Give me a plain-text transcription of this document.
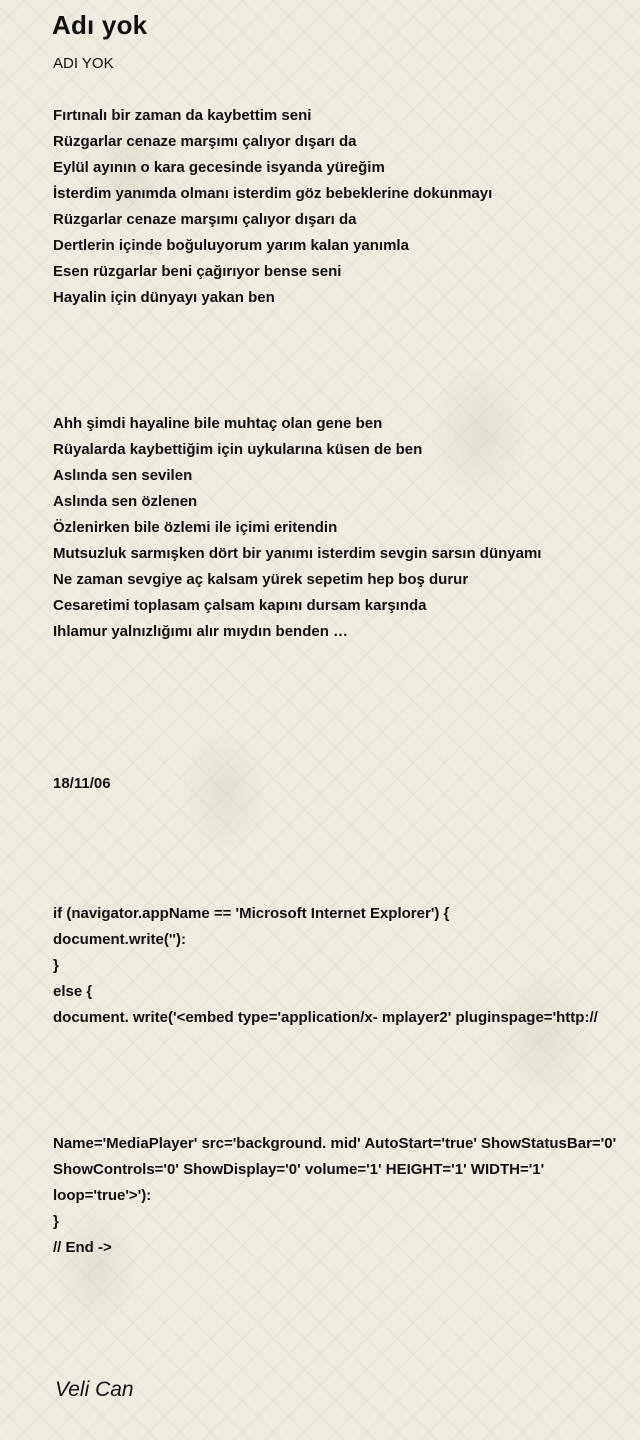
Adı yok
ADI YOK
Fırtınalı bir zaman da kaybettim seni
Rüzgarlar cenaze marşımı çalıyor dışarı da
Eylül ayının o kara gecesinde isyanda yüreğim
İsterdim yanımda olmanı isterdim göz bebeklerine dokunmayı
Rüzgarlar cenaze marşımı çalıyor dışarı da
Dertlerin içinde boğuluyorum yarım kalan yanımla
Esen rüzgarlar beni çağırıyor bense seni
Hayalin için dünyayı yakan ben
Ahh şimdi hayaline bile muhtaç olan gene ben
Rüyalarda kaybettiğim için uykularına küsen de ben
Aslında sen sevilen
Aslında sen özlenen
Özlenirken bile özlemi ile içimi eritendin
Mutsuzluk sarmışken dört bir yanımı isterdim sevgin sarsın dünyamı
Ne zaman sevgiye aç kalsam yürek sepetim hep boş durur
Cesaretimi toplasam çalsam kapını dursam karşında
Ihlamur yalnızlığımı alır mıydın benden …
18/11/06
if (navigator.appName == 'Microsoft Internet Explorer') {
document.write(''):
}
else {
document. write('<embed type='application/x- mplayer2' pluginspage='http://
Name='MediaPlayer' src='background. mid' AutoStart='true' ShowStatusBar='0'
ShowControls='0' ShowDisplay='0' volume='1' HEIGHT='1' WIDTH='1'
loop='true'>'):
}
// End ->
Veli Can
